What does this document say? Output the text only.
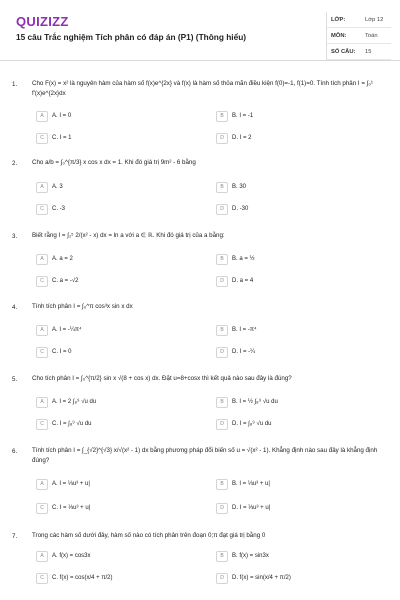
QUIZIZZ
15 câu Trắc nghiệm Tích phân có đáp án (P1) (Thông hiểu)
LỚP:	Lớp 12
MÔN:	Toán
SỐ CÂU:	15
1. Cho F(x) = x² là nguyên hàm của hàm số f(x)e^{2x} và f(x) là hàm số thỏa mãn điều kiện f(0)=-1, f(1)=0. Tính tích phân I = ∫₀¹ f'(x)e^{2x}dx
A	A. I = 0	B	B. I = -1
C	C. I = 1	D	D. I = 2
2. Cho a/b = ∫₀^{π/3} x cos x dx = 1. Khi đó giá trị 9m² - 6 bằng
A	A. 3	B	B. 30
C	C. -3	D	D. -30
3. Biết rằng I = ∫₁⁵ 2/(x² - x) dx = ln a với a ∈ ℝ. Khi đó giá trị của a bằng:
A	A. a = 2	B	B. a = ½
C	C. a = -√2	D	D. a = 4
4. Tính tích phân I = ∫₀^π cos³x sin x dx
A	A. I = -¼π⁴	B	B. I = -π⁴
C	C. I = 0	D	D. I = -¼
5. Cho tích phân I = ∫₀^{π/2} sin x √(8 + cos x) dx. Đặt u=8+cosx thì kết quả nào sau đây là đúng?
A	A. I = 2 ∫₈⁹ √u du	B	B. I = ½ ∫₈⁹ √u du
C	C. I = ∫₈⁹ √u du	D	D. I = ∫₈⁹ √u du
6. Tính tích phân I = ∫_{√2}^{√3} x/√(x² - 1) dx bằng phương pháp đổi biến số u = √(x² - 1). Khẳng định nào sau đây là khẳng định đúng?
A	A. I = ⅓u³ + u|	B	B. I = ⅓u³ + u|
C	C. I = ⅓u³ + u|	D	D. I = ⅓u³ + u|
7. Trong các hàm số dưới đây, hàm số nào có tích phân trên đoạn 0;π đạt giá trị bằng 0
A	A. f(x) = cos3x	B	B. f(x) = sin3x
C	C. f(x) = cos(x/4 + π/2)	D	D. f(x) = sin(x/4 + π/2)
